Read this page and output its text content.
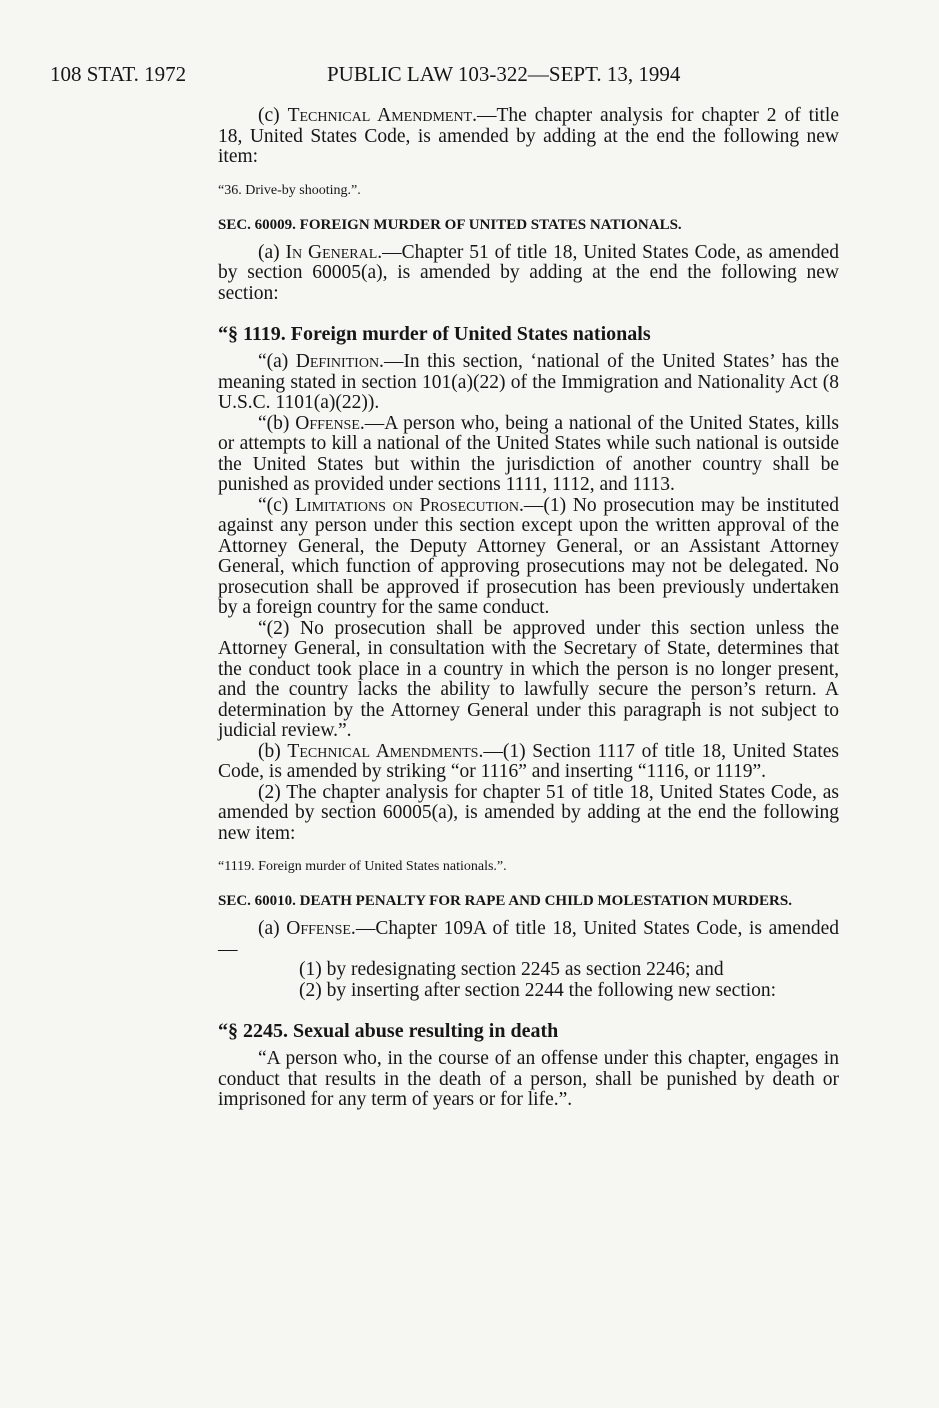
108 STAT. 1972	PUBLIC LAW 103-322—SEPT. 13, 1994

(c) Technical Amendment.—The chapter analysis for chapter 2 of title 18, United States Code, is amended by adding at the end the following new item:

“36. Drive-by shooting.”.

SEC. 60009. FOREIGN MURDER OF UNITED STATES NATIONALS.

(a) In General.—Chapter 51 of title 18, United States Code, as amended by section 60005(a), is amended by adding at the end the following new section:

“§ 1119. Foreign murder of United States nationals

“(a) Definition.—In this section, ‘national of the United States’ has the meaning stated in section 101(a)(22) of the Immigration and Nationality Act (8 U.S.C. 1101(a)(22)).

“(b) Offense.—A person who, being a national of the United States, kills or attempts to kill a national of the United States while such national is outside the United States but within the jurisdiction of another country shall be punished as provided under sections 1111, 1112, and 1113.

“(c) Limitations on Prosecution.—(1) No prosecution may be instituted against any person under this section except upon the written approval of the Attorney General, the Deputy Attorney General, or an Assistant Attorney General, which function of approving prosecutions may not be delegated. No prosecution shall be approved if prosecution has been previously undertaken by a foreign country for the same conduct.

“(2) No prosecution shall be approved under this section unless the Attorney General, in consultation with the Secretary of State, determines that the conduct took place in a country in which the person is no longer present, and the country lacks the ability to lawfully secure the person’s return. A determination by the Attorney General under this paragraph is not subject to judicial review.”.

(b) Technical Amendments.—(1) Section 1117 of title 18, United States Code, is amended by striking “or 1116” and inserting “1116, or 1119”.

(2) The chapter analysis for chapter 51 of title 18, United States Code, as amended by section 60005(a), is amended by adding at the end the following new item:

“1119. Foreign murder of United States nationals.”.

SEC. 60010. DEATH PENALTY FOR RAPE AND CHILD MOLESTATION MURDERS.

(a) Offense.—Chapter 109A of title 18, United States Code, is amended—

(1) by redesignating section 2245 as section 2246; and

(2) by inserting after section 2244 the following new section:

“§ 2245. Sexual abuse resulting in death

“A person who, in the course of an offense under this chapter, engages in conduct that results in the death of a person, shall be punished by death or imprisoned for any term of years or for life.”.
